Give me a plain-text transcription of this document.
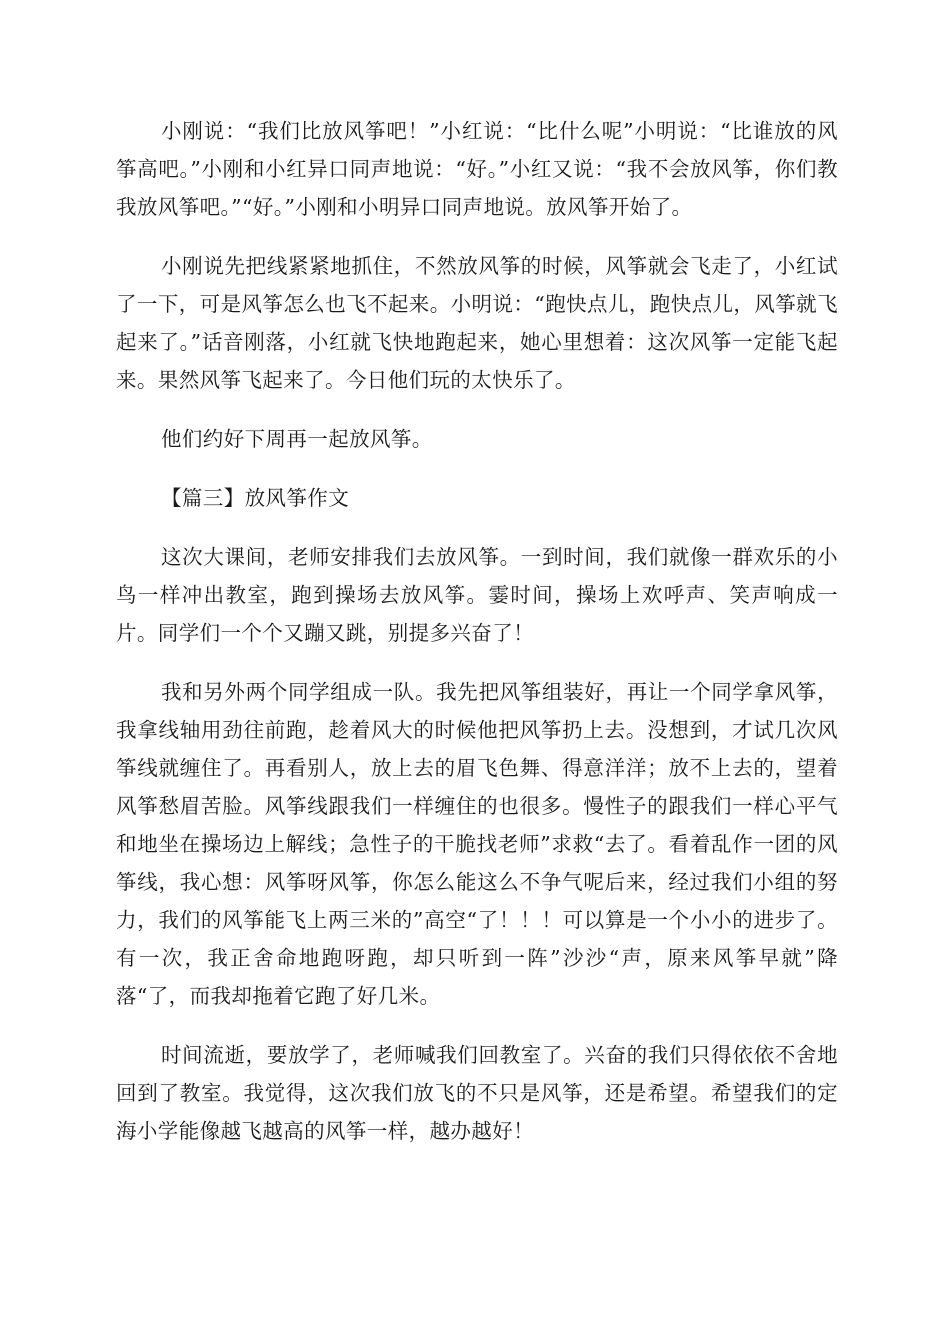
小刚说：“我们比放风筝吧！”小红说：“比什么呢”小明说：“比谁放的风筝高吧。”小刚和小红异口同声地说：“好。”小红又说：“我不会放风筝，你们教我放风筝吧。”“好。”小刚和小明异口同声地说。放风筝开始了。

小刚说先把线紧紧地抓住，不然放风筝的时候，风筝就会飞走了，小红试了一下，可是风筝怎么也飞不起来。小明说：“跑快点儿，跑快点儿，风筝就飞起来了。”话音刚落，小红就飞快地跑起来，她心里想着：这次风筝一定能飞起来。果然风筝飞起来了。今日他们玩的太快乐了。

他们约好下周再一起放风筝。

【篇三】放风筝作文

这次大课间，老师安排我们去放风筝。一到时间，我们就像一群欢乐的小鸟一样冲出教室，跑到操场去放风筝。霎时间，操场上欢呼声、笑声响成一片。同学们一个个又蹦又跳，别提多兴奋了！

我和另外两个同学组成一队。我先把风筝组装好，再让一个同学拿风筝，我拿线轴用劲往前跑，趁着风大的时候他把风筝扔上去。没想到，才试几次风筝线就缠住了。再看别人，放上去的眉飞色舞、得意洋洋；放不上去的，望着风筝愁眉苦脸。风筝线跟我们一样缠住的也很多。慢性子的跟我们一样心平气和地坐在操场边上解线；急性子的干脆找老师”求救“去了。看着乱作一团的风筝线，我心想：风筝呀风筝，你怎么能这么不争气呢后来，经过我们小组的努力，我们的风筝能飞上两三米的”高空“了！！！可以算是一个小小的进步了。有一次，我正舍命地跑呀跑，却只听到一阵”沙沙“声，原来风筝早就”降落“了，而我却拖着它跑了好几米。

时间流逝，要放学了，老师喊我们回教室了。兴奋的我们只得依依不舍地回到了教室。我觉得，这次我们放飞的不只是风筝，还是希望。希望我们的定海小学能像越飞越高的风筝一样，越办越好！
